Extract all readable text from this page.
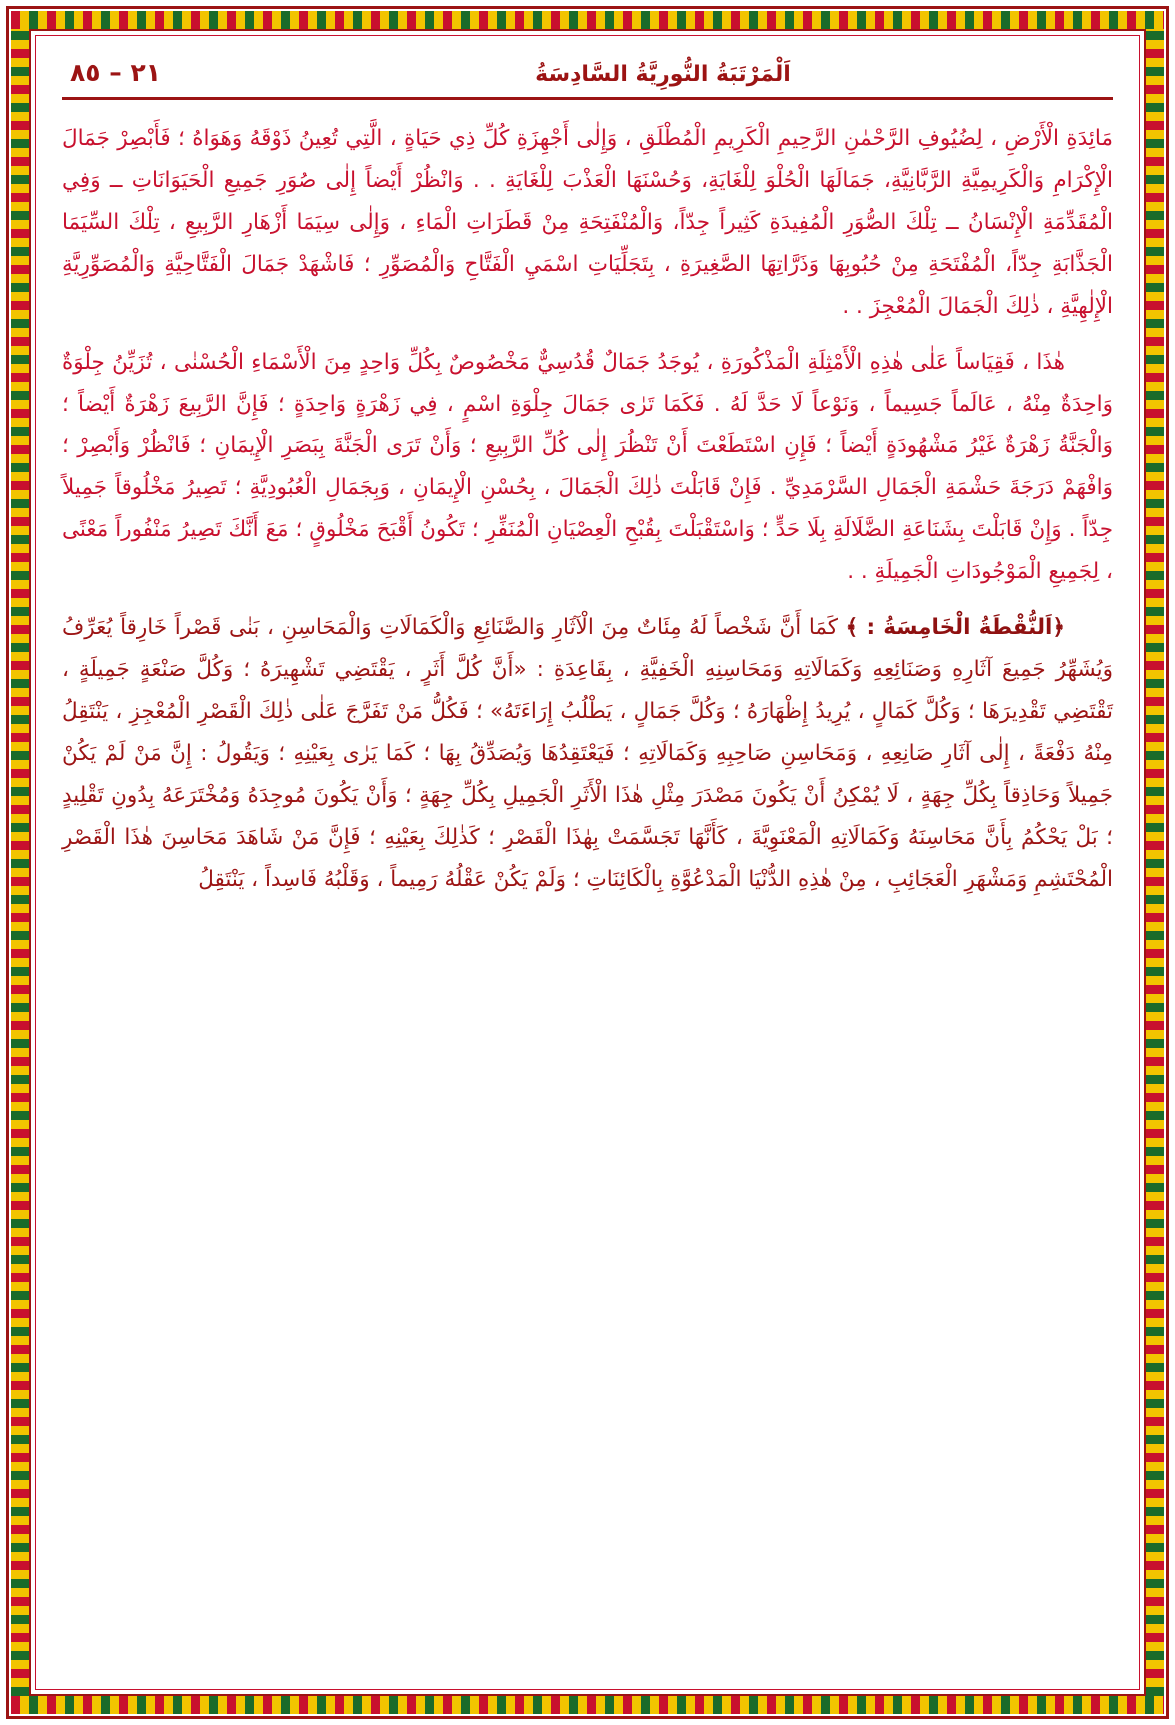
٢١ – ٨٥	اَلْمَرْتَبَةُ النُّورِيَّةُ السَّادِسَةُ

مَائِدَةِ الْأَرْضِ ، لِضُيُوفِ الرَّحْمٰنِ الرَّحِيمِ الْكَرِيمِ الْمُطْلَقِ ، وَإِلٰى أَجْهِزَةِ كُلِّ ذِي حَيَاةٍ ، الَّتِي تُعِينُ ذَوْقَهُ وَهَوَاهُ ؛ فَأَبْصِرْ جَمَالَ الْإِكْرَامِ وَالْكَرِيمِيَّةِ الرَّبَّانِيَّةِ، جَمَالَهَا الْحُلْوَ لِلْغَايَةِ، وَحُسْنَهَا الْعَذْبَ لِلْغَايَةِ . . وَانْظُرْ أَيْضاً إِلٰى صُوَرِ جَمِيعِ الْحَيَوَانَاتِ ــ وَفِي الْمُقَدِّمَةِ الْإِنْسَانُ ــ تِلْكَ الصُّوَرِ الْمُفِيدَةِ كَثِيراً جِدّاً، وَالْمُنْفَتِحَةِ مِنْ قَطَرَاتِ الْمَاءِ ، وَإِلٰى سِيَمَا أَزْهَارِ الرَّبِيعِ ، تِلْكَ السِّيَمَا الْجَذَّابَةِ جِدّاً، الْمُفْتَحَةِ مِنْ حُبُوبِهَا وَذَرَّاتِهَا الصَّغِيرَةِ ، بِتَجَلِّيَاتِ اسْمَيِ الْفَتَّاحِ وَالْمُصَوِّرِ ؛ فَاشْهَدْ جَمَالَ الْفَتَّاحِيَّةِ وَالْمُصَوِّرِيَّةِ الْإِلٰهِيَّةِ ، ذٰلِكَ الْجَمَالَ الْمُعْجِزَ . .

هٰذَا ، فَقِيَاساً عَلٰى هٰذِهِ الْأَمْثِلَةِ الْمَذْكُورَةِ ، يُوجَدُ جَمَالٌ قُدُسِيٌّ مَخْصُوصٌ بِكُلِّ وَاحِدٍ مِنَ الْأَسْمَاءِ الْحُسْنٰى ، تُزَيِّنُ جِلْوَةٌ وَاحِدَةٌ مِنْهُ ، عَالَماً جَسِيماً ، وَنَوْعاً لَا حَدَّ لَهُ . فَكَمَا تَرٰى جَمَالَ جِلْوَةِ اسْمٍ ، فِي زَهْرَةٍ وَاحِدَةٍ ؛ فَإِنَّ الرَّبِيعَ زَهْرَةٌ أَيْضاً ؛ وَالْجَنَّةُ زَهْرَةٌ غَيْرُ مَشْهُودَةٍ أَيْضاً ؛ فَإِنِ اسْتَطَعْتَ أَنْ تَنْظُرَ إِلٰى كُلِّ الرَّبِيعِ ؛ وَأَنْ تَرَى الْجَنَّةَ بِبَصَرِ الْإِيمَانِ ؛ فَانْظُرْ وَأَبْصِرْ ؛ وَافْهَمْ دَرَجَةَ حَشْمَةِ الْجَمَالِ السَّرْمَدِيِّ . فَإِنْ قَابَلْتَ ذٰلِكَ الْجَمَالَ ، بِحُسْنِ الْإِيمَانِ ، وَبِجَمَالِ الْعُبُودِيَّةِ ؛ تَصِيرُ مَخْلُوقاً جَمِيلاً جِدّاً . وَإِنْ قَابَلْتَ بِشَنَاعَةِ الضَّلَالَةِ بِلَا حَدٍّ ؛ وَاسْتَقْبَلْتَ بِقُبْحِ الْعِصْيَانِ الْمُنَفِّرِ ؛ تَكُونُ أَقْبَحَ مَخْلُوقٍ ؛ مَعَ أَنَّكَ تَصِيرُ مَنْفُوراً مَعْنًى ، لِجَمِيعِ الْمَوْجُودَاتِ الْجَمِيلَةِ . .

﴿اَلنُّقْطَةُ الْخَامِسَةُ : ﴾ كَمَا أَنَّ شَخْصاً لَهُ مِئَاتٌ مِنَ الْآثَارِ وَالصَّنَائِعِ وَالْكَمَالَاتِ وَالْمَحَاسِنِ ، بَنٰى قَصْراً خَارِقاً يُعَرِّفُ وَيُشَهِّرُ جَمِيعَ آثَارِهِ وَصَنَائِعِهِ وَكَمَالَاتِهِ وَمَحَاسِنِهِ الْخَفِيَّةِ ، بِقَاعِدَةِ : «أَنَّ كُلَّ أَثَرٍ ، يَقْتَضِي تَشْهِيرَهُ ؛ وَكُلَّ صَنْعَةٍ جَمِيلَةٍ ، تَقْتَضِي تَقْدِيرَهَا ؛ وَكُلَّ كَمَالٍ ، يُرِيدُ إِظْهَارَهُ ؛ وَكُلَّ جَمَالٍ ، يَطْلُبُ إِرَاءَتَهُ» ؛ فَكُلُّ مَنْ تَفَرَّجَ عَلٰى ذٰلِكَ الْقَصْرِ الْمُعْجِزِ ، يَنْتَقِلُ مِنْهُ دَفْعَةً ، إِلٰى آثَارِ صَانِعِهِ ، وَمَحَاسِنِ صَاحِبِهِ وَكَمَالَاتِهِ ؛ فَيَعْتَقِدُهَا وَيُصَدِّقُ بِهَا ؛ كَمَا يَرٰى بِعَيْنِهِ ؛ وَيَقُولُ : إِنَّ مَنْ لَمْ يَكُنْ جَمِيلاً وَحَاذِقاً بِكُلِّ جِهَةٍ ، لَا يُمْكِنُ أَنْ يَكُونَ مَصْدَرَ مِثْلِ هٰذَا الْأَثَرِ الْجَمِيلِ بِكُلِّ جِهَةٍ ؛ وَأَنْ يَكُونَ مُوجِدَهُ وَمُخْتَرَعَهُ بِدُونِ تَقْلِيدٍ ؛ بَلْ يَحْكُمُ بِأَنَّ مَحَاسِنَهُ وَكَمَالَاتِهِ الْمَعْنَوِيَّةَ ، كَأَنَّهَا تَجَسَّمَتْ بِهٰذَا الْقَصْرِ ؛ كَذٰلِكَ بِعَيْنِهِ ؛ فَإِنَّ مَنْ شَاهَدَ مَحَاسِنَ هٰذَا الْقَصْرِ الْمُحْتَشِمِ وَمَشْهَرِ الْعَجَائِبِ ، مِنْ هٰذِهِ الدُّنْيَا الْمَدْعُوَّةِ بِالْكَائِنَاتِ ؛ وَلَمْ يَكُنْ عَقْلُهُ رَمِيماً ، وَقَلْبُهُ فَاسِداً ، يَنْتَقِلُ
